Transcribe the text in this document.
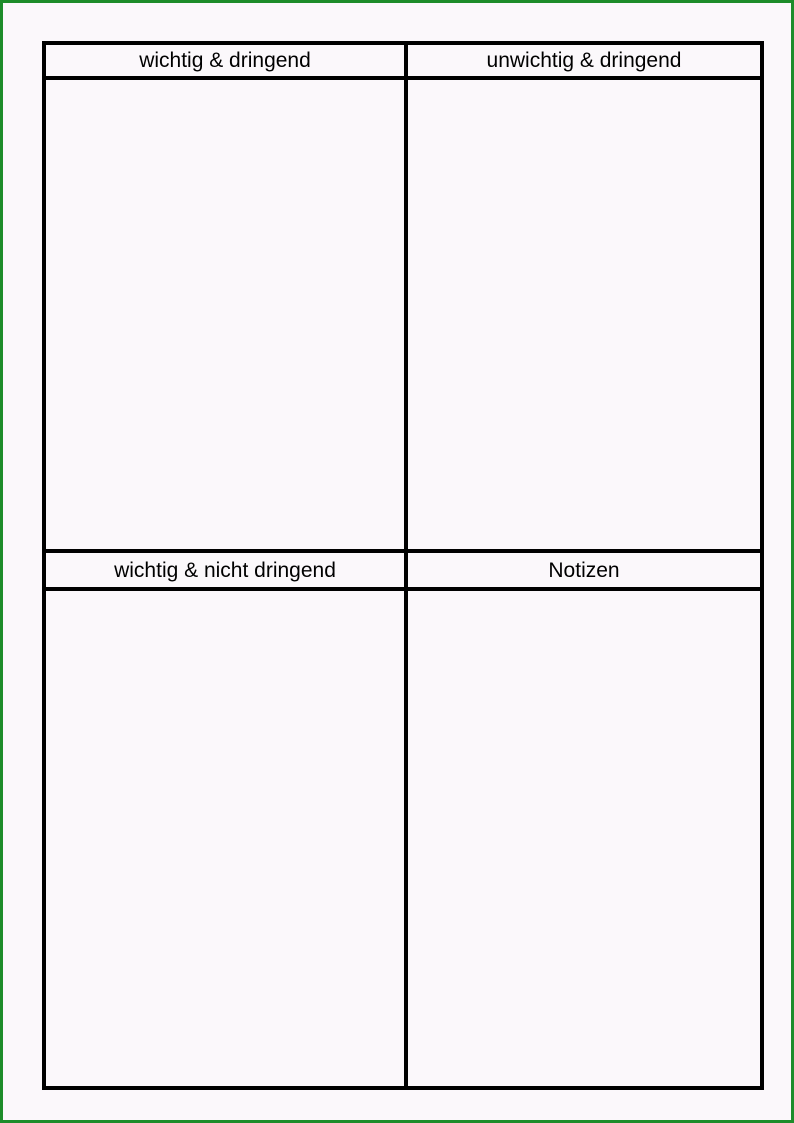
wichtig & dringend	unwichtig & dringend
wichtig & nicht dringend	Notizen
